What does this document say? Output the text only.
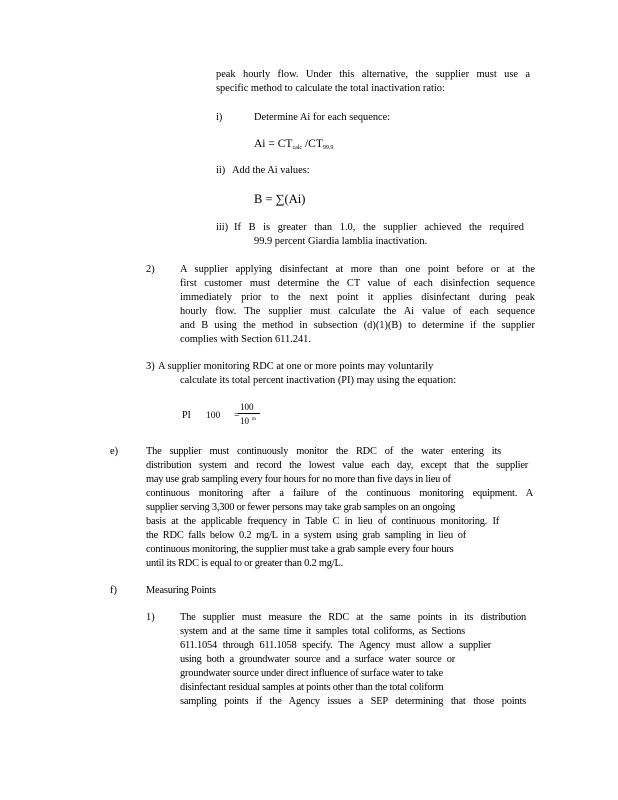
peak hourly flow. Under this alternative, the supplier must use a
specific method to calculate the total inactivation ratio:
i)	Determine Ai for each sequence:
$Ai = CT_{calc}$ $/CT_{99.9}$
ii) Add the Ai values:
B = ∑(Ai)
iii) If B is greater than 1.0, the supplier achieved the required
99.9 percent Giardia lamblia inactivation.
2) A supplier applying disinfectant at more than one point before or at the
first customer must determine the CT value of each disinfection sequence
immediately prior to the next point it applies disinfectant during peak
hourly flow. The supplier must calculate the Ai value of each sequence
and B using the method in subsection (d)(1)(B) to determine if the supplier
complies with Section 611.241.
3) A supplier monitoring RDC at one or more points may voluntarily
calculate its total percent inactivation (PI) may using the equation:
PI 100 =
100
10 m
e)	The supplier must continuously monitor the RDC of the water entering its
distribution system and record the lowest value each day, except that the supplier
may use grab sampling every four hours for no more than five days in lieu of
continuous monitoring after a failure of the continuous monitoring equipment. A
supplier serving 3,300 or fewer persons may take grab samples on an ongoing
basis at the applicable frequency in Table C in lieu of continuous monitoring. If
the RDC falls below 0.2 mg/L in a system using grab sampling in lieu of
continuous monitoring, the supplier must take a grab sample every four hours
until its RDC is equal to or greater than 0.2 mg/L.
f)	Measuring Points
1) The supplier must measure the RDC at the same points in its distribution
system and at the same time it samples total coliforms, as Sections
611.1054 through 611.1058 specify. The Agency must allow a supplier
using both a groundwater source and a surface water source or
groundwater source under direct influence of surface water to take
disinfectant residual samples at points other than the total coliform
sampling points if the Agency issues a SEP determining that those points
